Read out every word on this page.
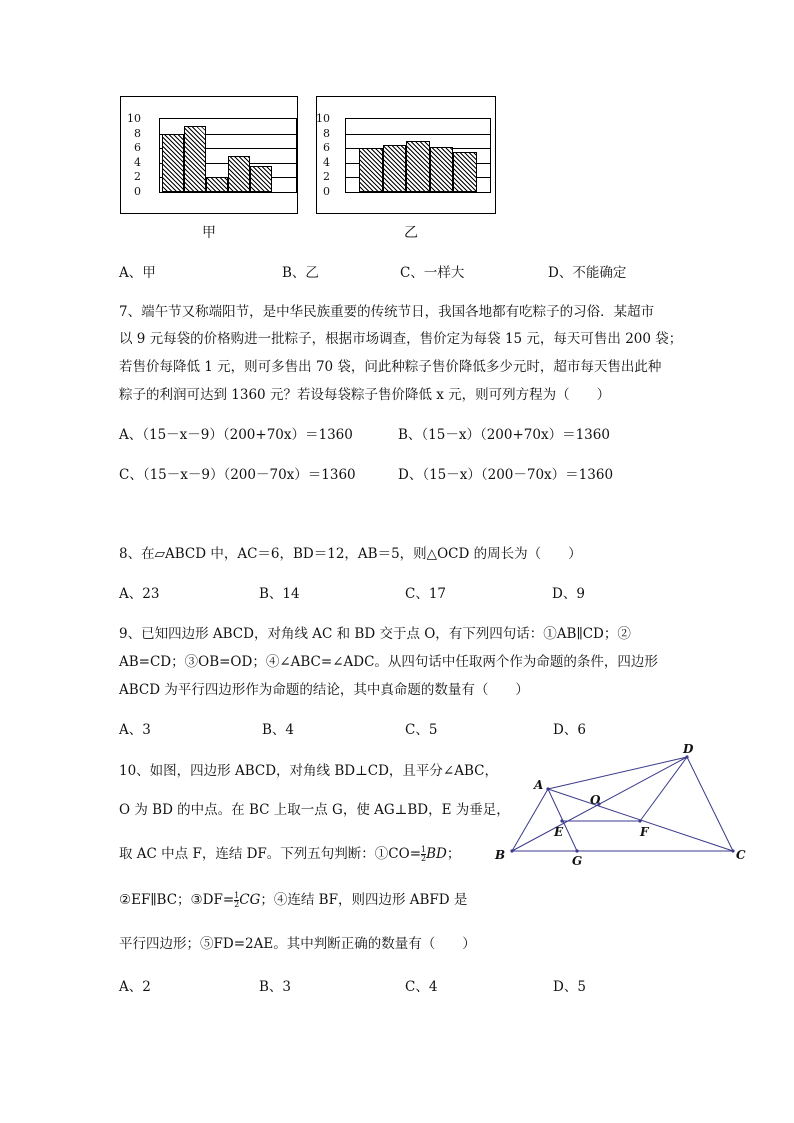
10
8
6
4
2
0
甲
10
8
6
4
2
0
乙
A、甲	B、乙	C、一样大	D、不能确定
7、端午节又称端阳节，是中华民族重要的传统节日，我国各地都有吃粽子的习俗．某超市
以 9 元每袋的价格购进一批粽子，根据市场调查，售价定为每袋 15 元，每天可售出 200 袋；
若售价每降低 1 元，则可多售出 70 袋，问此种粽子售价降低多少元时，超市每天售出此种
粽子的利润可达到 1360 元？若设每袋粽子售价降低 x 元，则可列方程为（　　）
A、（15－x－9）（200+70x）＝1360	B、（15－x）（200+70x）＝1360
C、（15－x－9）（200－70x）＝1360	D、（15－x）（200－70x）＝1360
8、在▱ABCD 中，AC＝6，BD＝12，AB＝5，则△OCD 的周长为（　　）
A、23	B、14	C、17	D、9
9、已知四边形 ABCD，对角线 AC 和 BD 交于点 O，有下列四句话：①AB∥CD；②
AB=CD；③OB=OD；④∠ABC=∠ADC。从四句话中任取两个作为命题的条件，四边形
ABCD 为平行四边形作为命题的结论，其中真命题的数量有（　　）
A、3	B、4	C、5	D、6
10、如图，四边形 ABCD，对角线 BD⊥CD，且平分∠ABC，
O 为 BD 的中点。在 BC 上取一点 G，使 AG⊥BD，E 为垂足，
取 AC 中点 F，连结 DF。下列五句判断：①CO= $\frac{1}{2}$ BD；
②EF∥BC；③DF= $\frac{1}{2}$ CG；④连结 BF，则四边形 ABFD 是
平行四边形；⑤FD=2AE。其中判断正确的数量有（　　）
A、2	B、3	C、4	D、5
A
B	C
D
O
E	F
G
